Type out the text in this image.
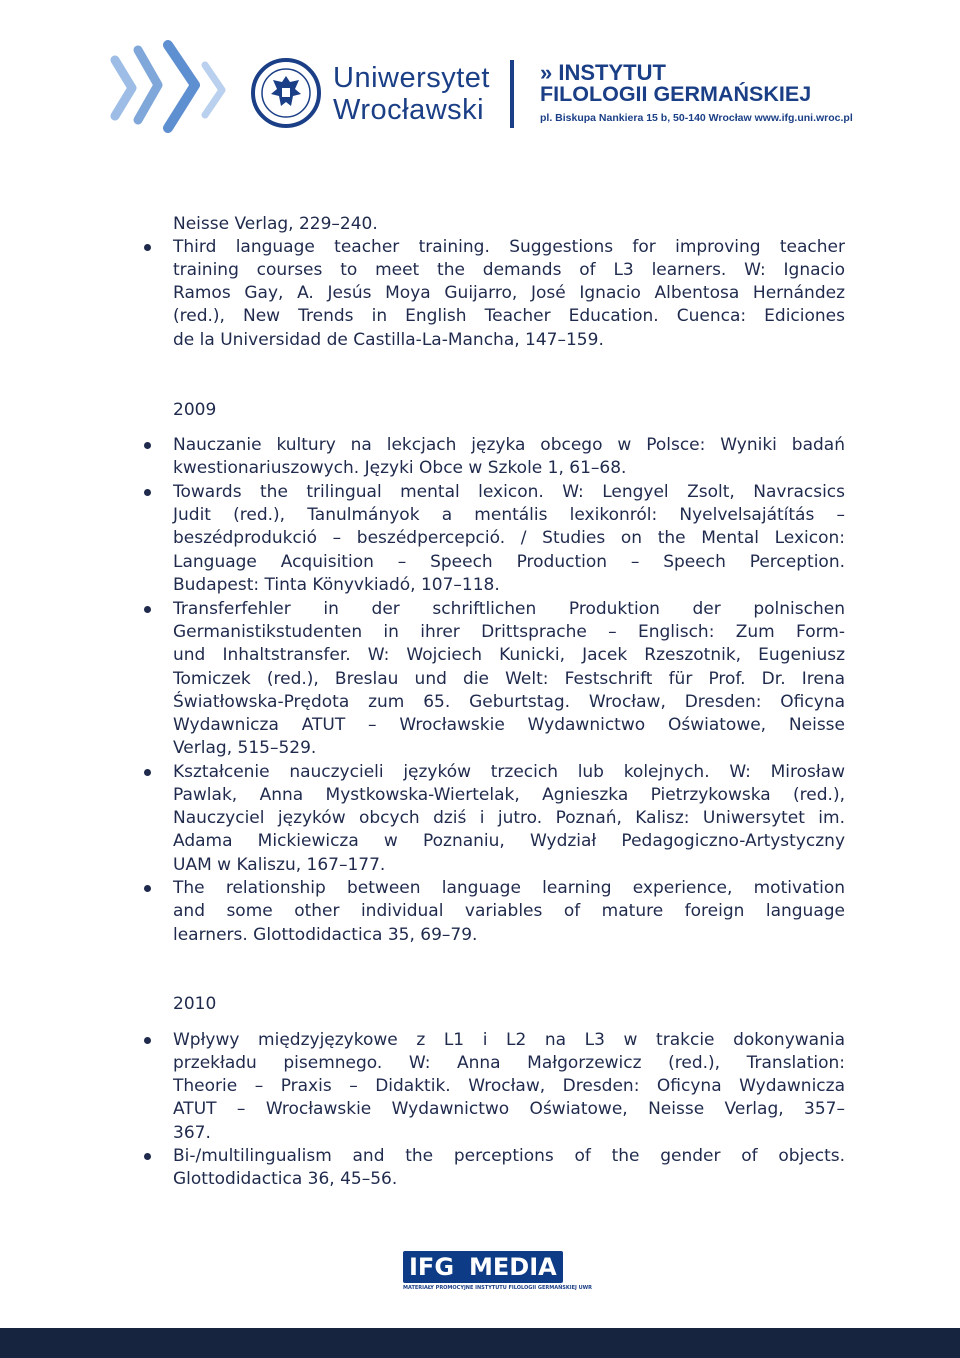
Uniwersytet
Wrocławski
» INSTYTUT
FILOLOGII GERMAŃSKIEJ
pl. Biskupa Nankiera 15 b, 50-140 Wrocław www.ifg.uni.wroc.pl
Neisse Verlag, 229–240.
Third language teacher training. Suggestions for improving teacher
training courses to meet the demands of L3 learners. W: Ignacio
Ramos Gay, A. Jesús Moya Guijarro, José Ignacio Albentosa Hernández
(red.), New Trends in English Teacher Education. Cuenca: Ediciones
de la Universidad de Castilla-La-Mancha, 147–159.
2009
Nauczanie kultury na lekcjach języka obcego w Polsce: Wyniki badań
kwestionariuszowych. Języki Obce w Szkole 1, 61–68.
Towards the trilingual mental lexicon. W: Lengyel Zsolt, Navracsics
Judit (red.), Tanulmányok a mentális lexikonról: Nyelvelsajátítás –
beszédprodukció – beszédpercepció. / Studies on the Mental Lexicon:
Language Acquisition – Speech Production – Speech Perception.
Budapest: Tinta Könyvkiadó, 107–118.
Transferfehler in der schriftlichen Produktion der polnischen
Germanistikstudenten in ihrer Drittsprache – Englisch: Zum Form-
und Inhaltstransfer. W: Wojciech Kunicki, Jacek Rzeszotnik, Eugeniusz
Tomiczek (red.), Breslau und die Welt: Festschrift für Prof. Dr. Irena
Światłowska-Prędota zum 65. Geburtstag. Wrocław, Dresden: Oficyna
Wydawnicza ATUT – Wrocławskie Wydawnictwo Oświatowe, Neisse
Verlag, 515–529.
Kształcenie nauczycieli języków trzecich lub kolejnych. W: Mirosław
Pawlak, Anna Mystkowska-Wiertelak, Agnieszka Pietrzykowska (red.),
Nauczyciel języków obcych dziś i jutro. Poznań, Kalisz: Uniwersytet im.
Adama Mickiewicza w Poznaniu, Wydział Pedagogiczno-Artystyczny
UAM w Kaliszu, 167–177.
The relationship between language learning experience, motivation
and some other individual variables of mature foreign language
learners. Glottodidactica 35, 69–79.
2010
Wpływy międzyjęzykowe z L1 i L2 na L3 w trakcie dokonywania
przekładu pisemnego. W: Anna Małgorzewicz (red.), Translation:
Theorie – Praxis – Didaktik. Wrocław, Dresden: Oficyna Wydawnicza
ATUT – Wrocławskie Wydawnictwo Oświatowe, Neisse Verlag, 357–
367.
Bi-/multilingualism and the perceptions of the gender of objects.
Glottodidactica 36, 45–56.
IFG MEDIA
MATERIAŁY PROMOCYJNE INSTYTUTU FILOLOGII GERMAŃSKIEJ UWR
